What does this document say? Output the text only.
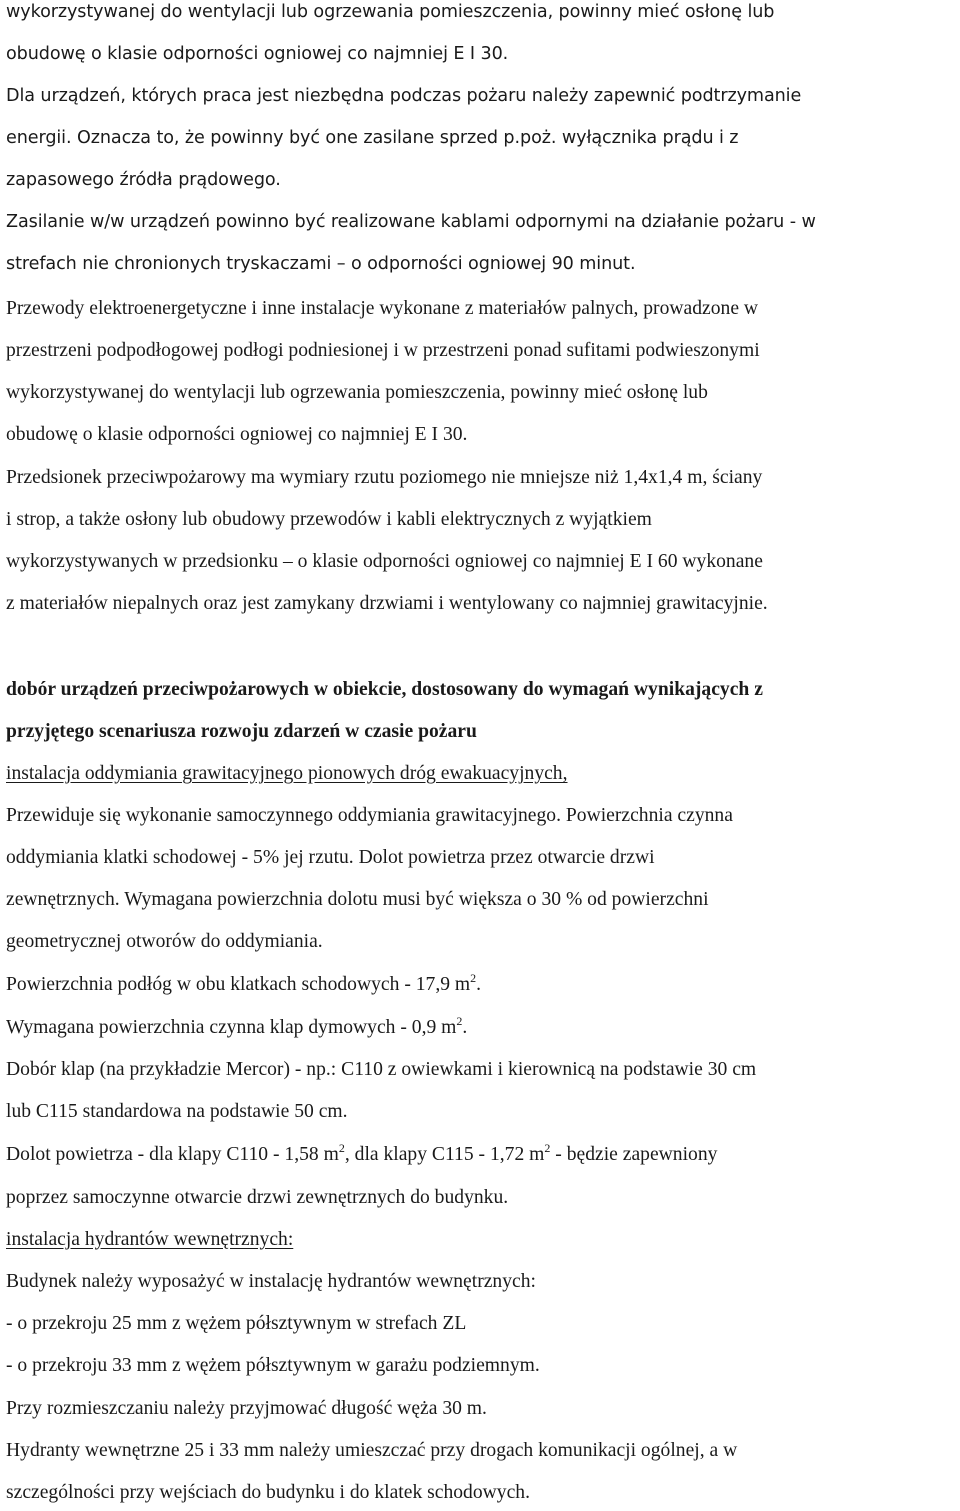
wykorzystywanej do wentylacji lub ogrzewania pomieszczenia, powinny mieć osłonę lub
obudowę o klasie odporności ogniowej co najmniej E I 30.
Dla urządzeń, których praca jest niezbędna podczas pożaru należy zapewnić podtrzymanie
energii. Oznacza to, że powinny być one zasilane sprzed p.poż. wyłącznika prądu i z
zapasowego źródła prądowego.
Zasilanie w/w urządzeń powinno być realizowane kablami odpornymi na działanie pożaru - w
strefach nie chronionych tryskaczami – o odporności ogniowej 90 minut.
Przewody elektroenergetyczne i inne instalacje wykonane z materiałów palnych, prowadzone w
przestrzeni podpodłogowej podłogi podniesionej i w przestrzeni ponad sufitami podwieszonymi
wykorzystywanej do wentylacji lub ogrzewania pomieszczenia, powinny mieć osłonę lub
obudowę o klasie odporności ogniowej co najmniej E I 30.
Przedsionek przeciwpożarowy ma wymiary rzutu poziomego nie mniejsze niż 1,4x1,4 m, ściany
i strop, a także osłony lub obudowy przewodów i kabli elektrycznych z wyjątkiem
wykorzystywanych w przedsionku – o klasie odporności ogniowej co najmniej E I 60 wykonane
z materiałów niepalnych oraz jest zamykany drzwiami i wentylowany co najmniej grawitacyjnie.
dobór urządzeń przeciwpożarowych w obiekcie, dostosowany do wymagań wynikających z
przyjętego scenariusza rozwoju zdarzeń w czasie pożaru
instalacja oddymiania grawitacyjnego pionowych dróg ewakuacyjnych,
Przewiduje się wykonanie samoczynnego oddymiania grawitacyjnego. Powierzchnia czynna
oddymiania klatki schodowej - 5% jej rzutu. Dolot powietrza przez otwarcie drzwi
zewnętrznych. Wymagana powierzchnia dolotu musi być większa o 30 % od powierzchni
geometrycznej otworów do oddymiania.
Powierzchnia podłóg w obu klatkach schodowych - 17,9 $m^2$.
Wymagana powierzchnia czynna klap dymowych - 0,9 $m^2$.
Dobór klap (na przykładzie Mercor) - np.: C110 z owiewkami i kierownicą na podstawie 30 cm
lub C115 standardowa na podstawie 50 cm.
Dolot powietrza - dla klapy C110 - 1,58 $m^2$, dla klapy C115 - 1,72 $m^2$ - będzie zapewniony
poprzez samoczynne otwarcie drzwi zewnętrznych do budynku.
instalacja hydrantów wewnętrznych:
Budynek należy wyposażyć w instalację hydrantów wewnętrznych:
- o przekroju 25 mm z wężem półsztywnym w strefach ZL
- o przekroju 33 mm z wężem półsztywnym w garażu podziemnym.
Przy rozmieszczaniu należy przyjmować długość węża 30 m.
Hydranty wewnętrzne 25 i 33 mm należy umieszczać przy drogach komunikacji ogólnej, a w
szczególności przy wejściach do budynku i do klatek schodowych.
